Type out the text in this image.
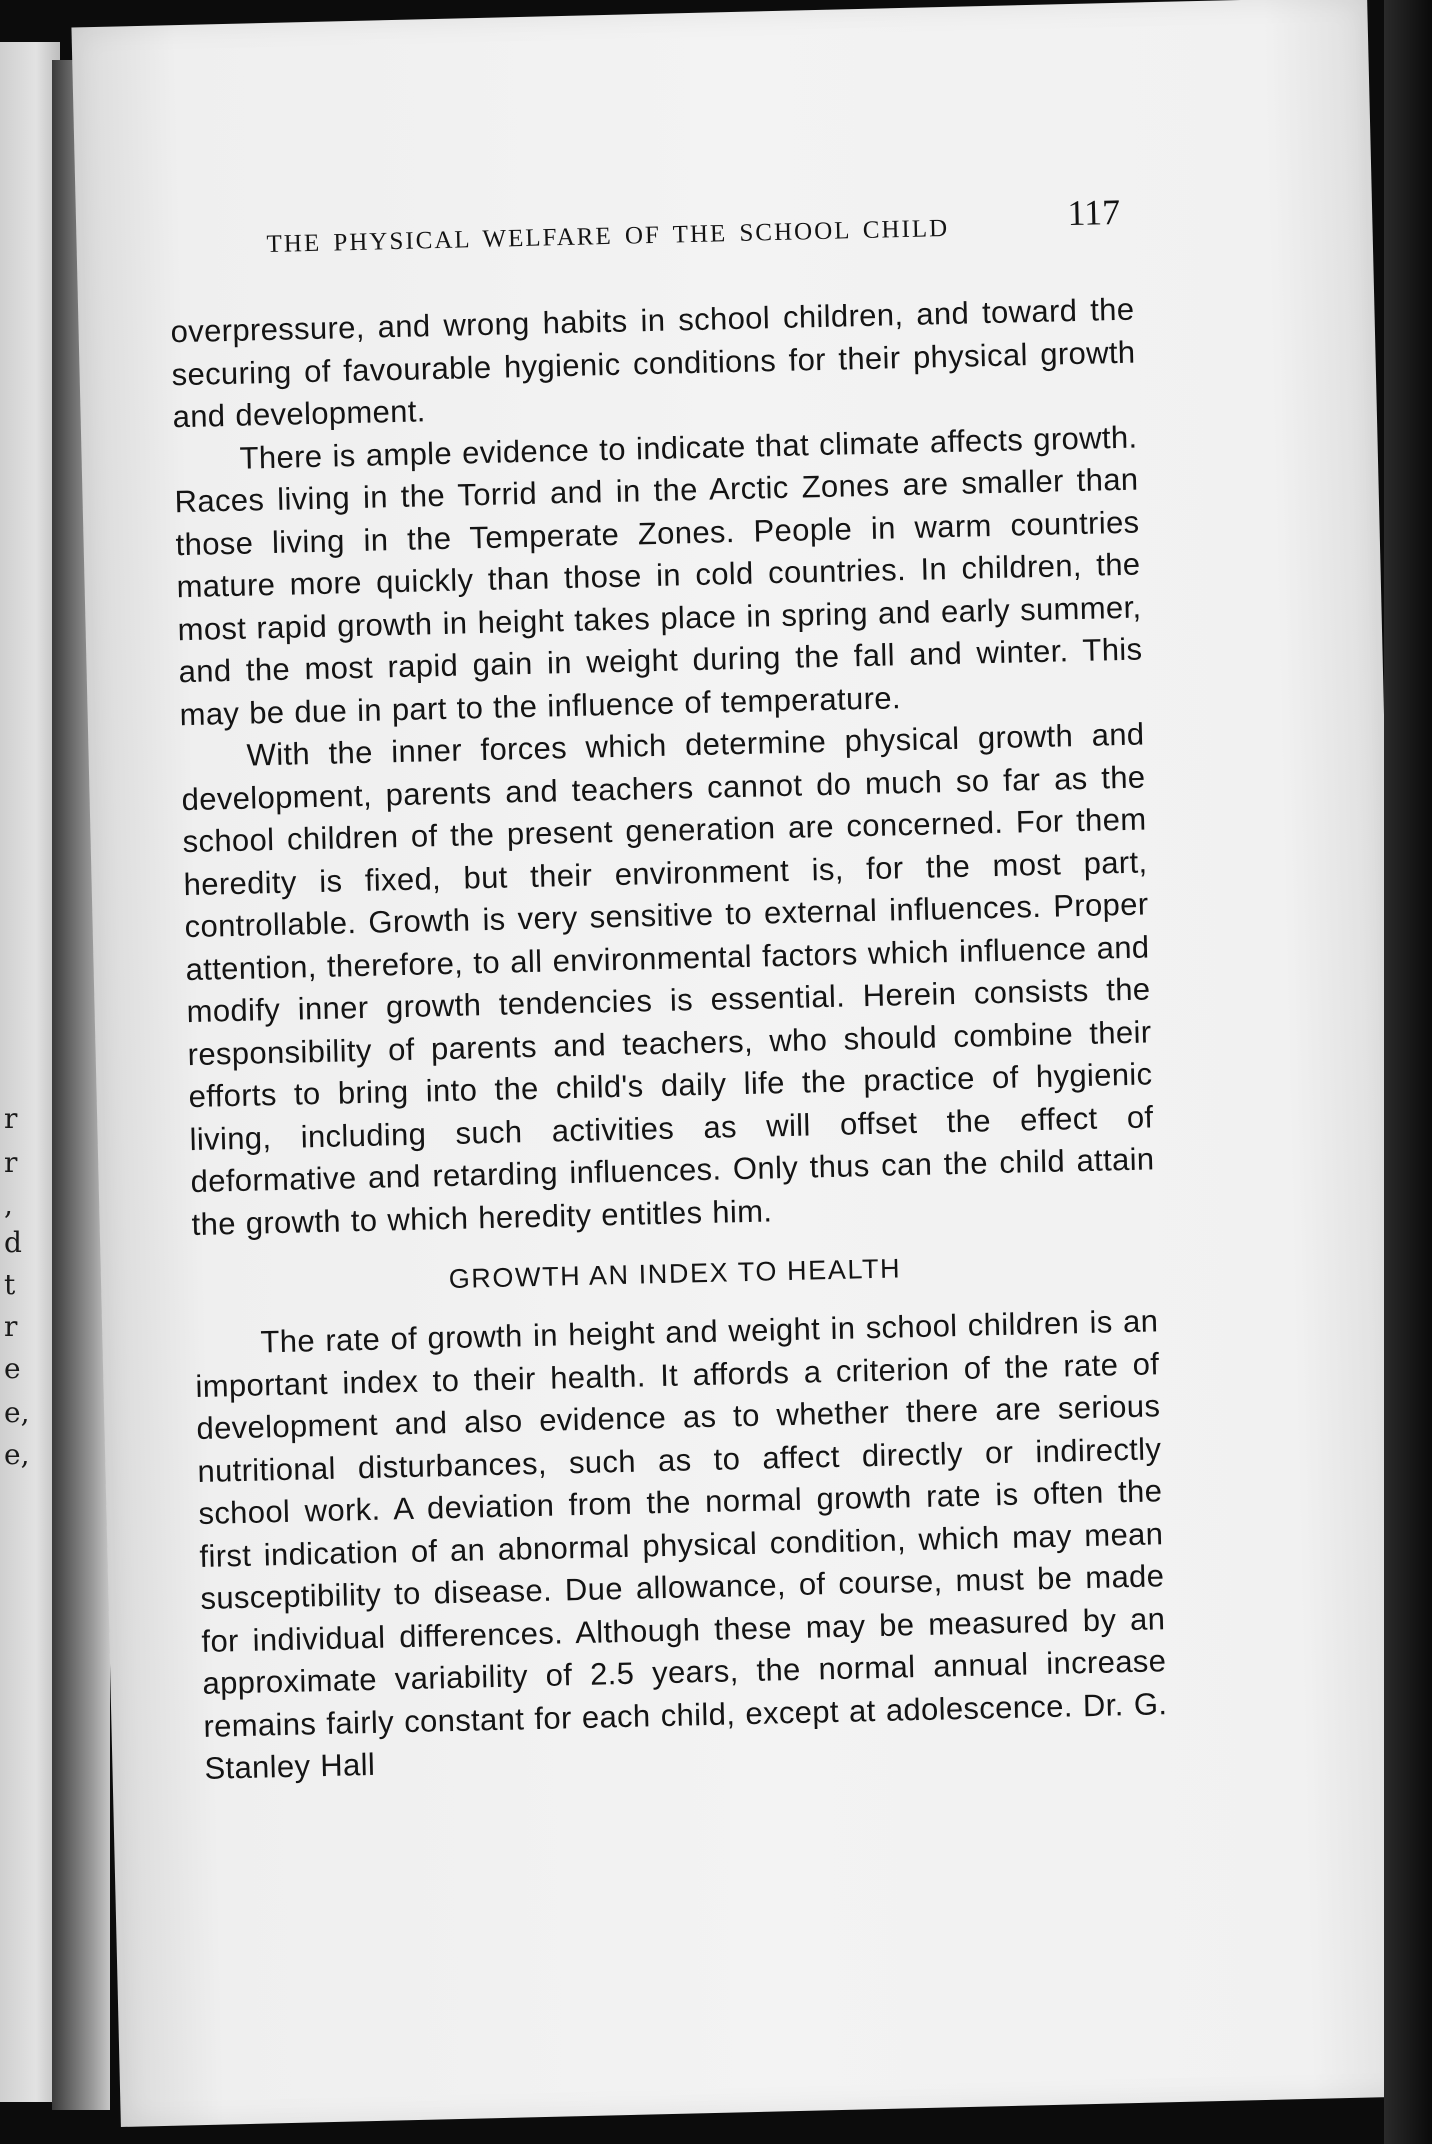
r
r
,
d
t
r
e
e,
e,
THE PHYSICAL WELFARE OF THE SCHOOL CHILD
117

overpressure, and wrong habits in school children, and toward the securing of favourable hygienic conditions for their physical growth and development.

There is ample evidence to indicate that climate affects growth. Races living in the Torrid and in the Arctic Zones are smaller than those living in the Temperate Zones. People in warm countries mature more quickly than those in cold countries. In children, the most rapid growth in height takes place in spring and early summer, and the most rapid gain in weight during the fall and winter. This may be due in part to the influence of temperature.

With the inner forces which determine physical growth and development, parents and teachers cannot do much so far as the school children of the present generation are concerned. For them heredity is fixed, but their environment is, for the most part, controllable. Growth is very sensitive to external influences. Proper attention, therefore, to all environmental factors which influence and modify inner growth tendencies is essential. Herein consists the responsibility of parents and teachers, who should combine their efforts to bring into the child's daily life the practice of hygienic living, including such activities as will offset the effect of deformative and retarding influences. Only thus can the child attain the growth to which heredity entitles him.

GROWTH AN INDEX TO HEALTH

The rate of growth in height and weight in school children is an important index to their health. It affords a criterion of the rate of development and also evidence as to whether there are serious nutritional disturbances, such as to affect directly or indirectly school work. A deviation from the normal growth rate is often the first indication of an abnormal physical condition, which may mean susceptibility to disease. Due allowance, of course, must be made for individual differences. Although these may be measured by an approximate variability of 2.5 years, the normal annual increase remains fairly constant for each child, except at adolescence. Dr. G. Stanley Hall
